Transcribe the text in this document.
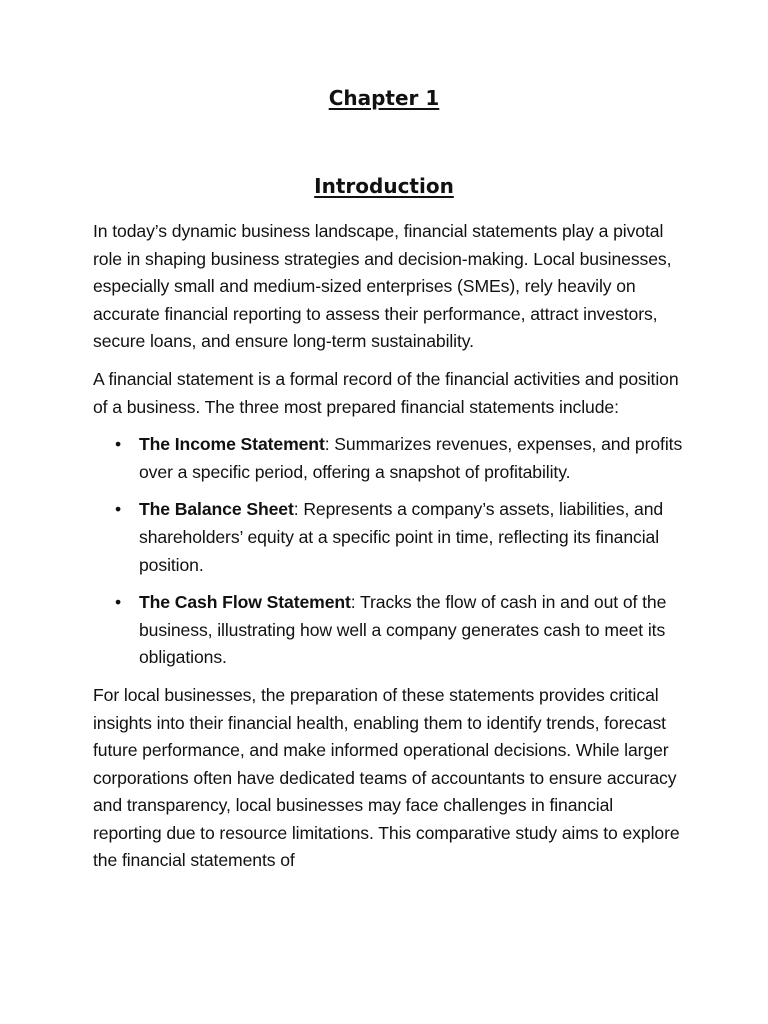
Chapter 1
Introduction

In today’s dynamic business landscape, financial statements play a pivotal role in shaping business strategies and decision-making. Local businesses, especially small and medium-sized enterprises (SMEs), rely heavily on accurate financial reporting to assess their performance, attract investors, secure loans, and ensure long-term sustainability.

A financial statement is a formal record of the financial activities and position of a business. The three most prepared financial statements include:

• The Income Statement: Summarizes revenues, expenses, and profits over a specific period, offering a snapshot of profitability.
• The Balance Sheet: Represents a company’s assets, liabilities, and shareholders’ equity at a specific point in time, reflecting its financial position.
• The Cash Flow Statement: Tracks the flow of cash in and out of the business, illustrating how well a company generates cash to meet its obligations.

For local businesses, the preparation of these statements provides critical insights into their financial health, enabling them to identify trends, forecast future performance, and make informed operational decisions. While larger corporations often have dedicated teams of accountants to ensure accuracy and transparency, local businesses may face challenges in financial reporting due to resource limitations. This comparative study aims to explore the financial statements of
